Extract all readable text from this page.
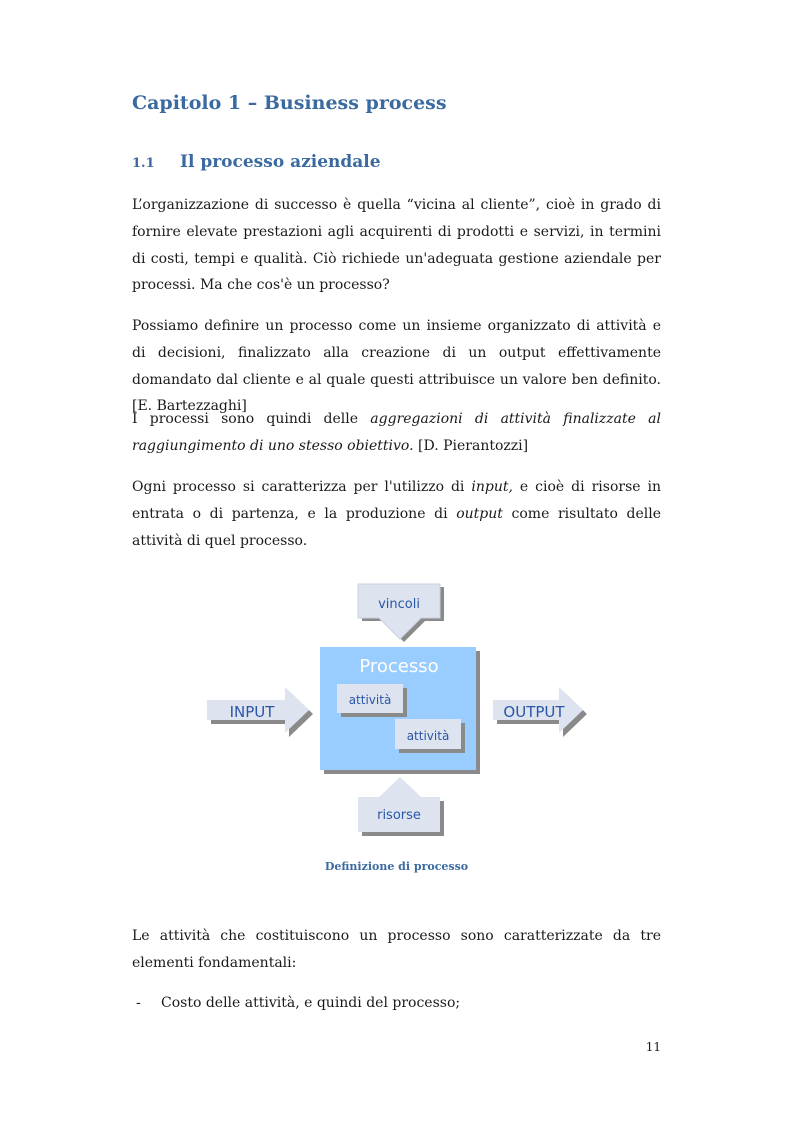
Capitolo 1 – Business process
1.1 Il processo aziendale

L’organizzazione di successo è quella “vicina al cliente”, cioè in grado di fornire elevate prestazioni agli acquirenti di prodotti e servizi, in termini di costi, tempi e qualità. Ciò richiede un'adeguata gestione aziendale per processi. Ma che cos'è un processo?

Possiamo definire un processo come un insieme organizzato di attività e di decisioni, finalizzato alla creazione di un output effettivamente domandato dal cliente e al quale questi attribuisce un valore ben definito. [E. Bartezzaghi]

I processi sono quindi delle aggregazioni di attività finalizzate al raggiungimento di uno stesso obiettivo. [D. Pierantozzi]

Ogni processo si caratterizza per l'utilizzo di input, e cioè di risorse in entrata o di partenza, e la produzione di output come risultato delle attività di quel processo.

vincoli
Processo
attività
attività
INPUT	OUTPUT
risorse

Definizione di processo

Le attività che costituiscono un processo sono caratterizzate da tre elementi fondamentali:

- Costo delle attività, e quindi del processo;

11
